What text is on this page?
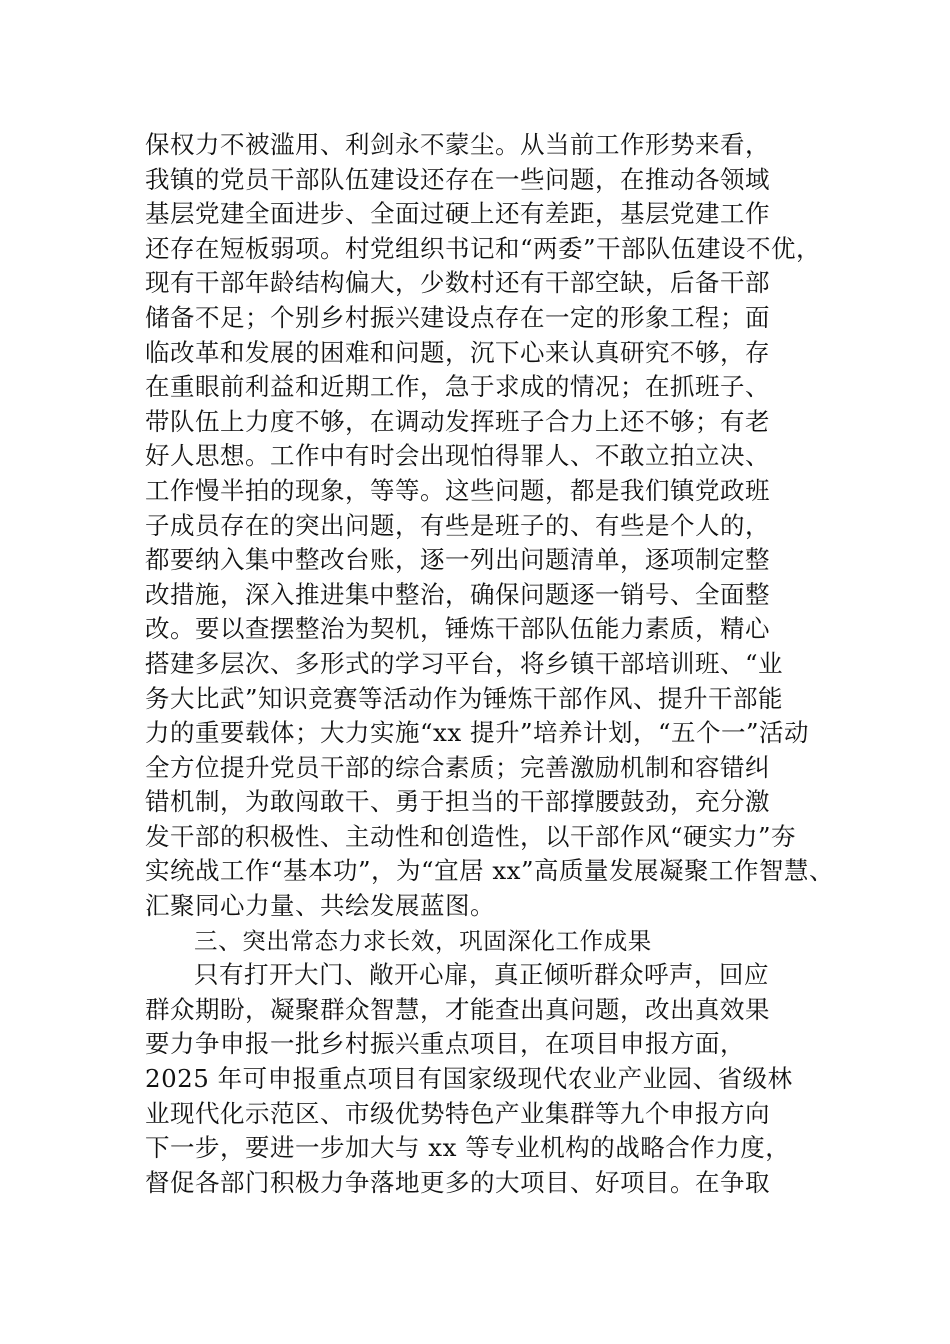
保权力不被滥用、利剑永不蒙尘。从当前工作形势来看，
我镇的党员干部队伍建设还存在一些问题，在推动各领域
基层党建全面进步、全面过硬上还有差距，基层党建工作
还存在短板弱项。村党组织书记和“两委”干部队伍建设不优，
现有干部年龄结构偏大，少数村还有干部空缺，后备干部
储备不足；个别乡村振兴建设点存在一定的形象工程；面
临改革和发展的困难和问题，沉下心来认真研究不够，存
在重眼前利益和近期工作，急于求成的情况；在抓班子、
带队伍上力度不够，在调动发挥班子合力上还不够；有老
好人思想。工作中有时会出现怕得罪人、不敢立拍立决、
工作慢半拍的现象，等等。这些问题，都是我们镇党政班
子成员存在的突出问题，有些是班子的、有些是个人的，
都要纳入集中整改台账，逐一列出问题清单，逐项制定整
改措施，深入推进集中整治，确保问题逐一销号、全面整
改。要以查摆整治为契机，锤炼干部队伍能力素质，精心
搭建多层次、多形式的学习平台，将乡镇干部培训班、“业
务大比武”知识竞赛等活动作为锤炼干部作风、提升干部能
力的重要载体；大力实施“xx 提升”培养计划，“五个一”活动
全方位提升党员干部的综合素质；完善激励机制和容错纠
错机制，为敢闯敢干、勇于担当的干部撑腰鼓劲，充分激
发干部的积极性、主动性和创造性，以干部作风“硬实力”夯
实统战工作“基本功”，为“宜居 xx”高质量发展凝聚工作智慧、
汇聚同心力量、共绘发展蓝图。
三、突出常态力求长效，巩固深化工作成果
只有打开大门、敞开心扉，真正倾听群众呼声，回应
群众期盼，凝聚群众智慧，才能查出真问题，改出真效果
要力争申报一批乡村振兴重点项目，在项目申报方面，
2025 年可申报重点项目有国家级现代农业产业园、省级林
业现代化示范区、市级优势特色产业集群等九个申报方向
下一步，要进一步加大与 xx 等专业机构的战略合作力度，
督促各部门积极力争落地更多的大项目、好项目。在争取
